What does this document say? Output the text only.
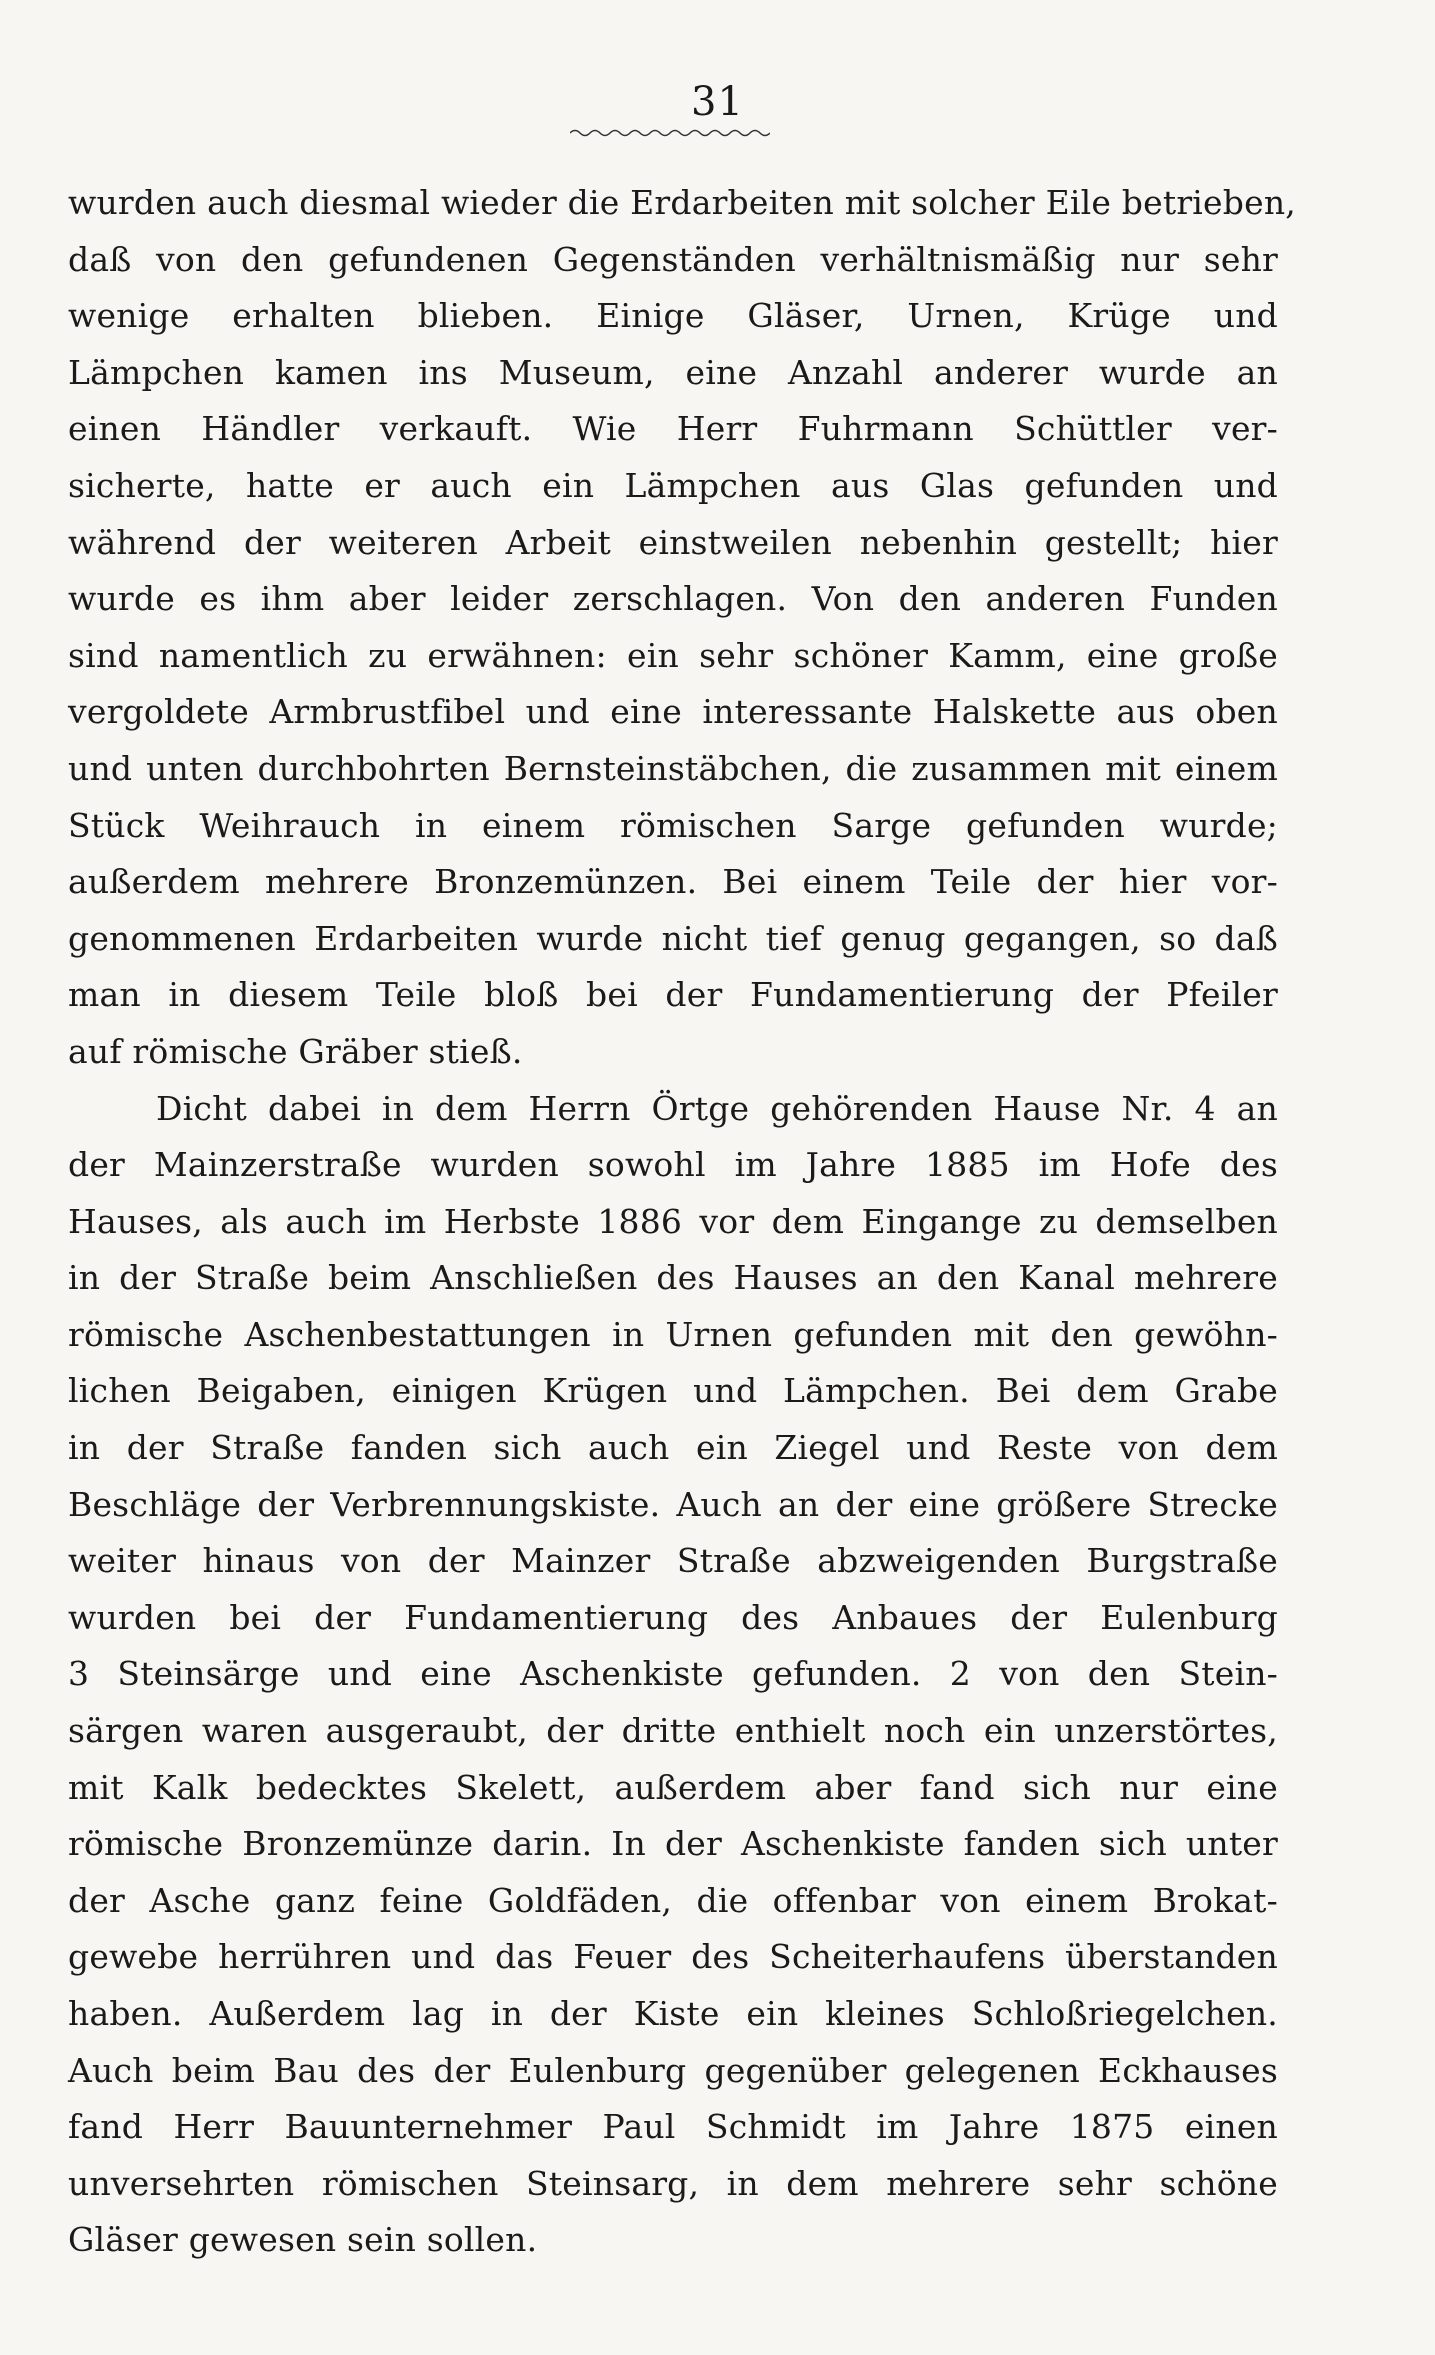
31
wurden auch diesmal wieder die Erdarbeiten mit solcher Eile betrieben,
daß von den gefundenen Gegenständen verhältnismäßig nur sehr
wenige erhalten blieben. Einige Gläser, Urnen, Krüge und
Lämpchen kamen ins Museum, eine Anzahl anderer wurde an
einen Händler verkauft. Wie Herr Fuhrmann Schüttler ver-
sicherte, hatte er auch ein Lämpchen aus Glas gefunden und
während der weiteren Arbeit einstweilen nebenhin gestellt; hier
wurde es ihm aber leider zerschlagen. Von den anderen Funden
sind namentlich zu erwähnen: ein sehr schöner Kamm, eine große
vergoldete Armbrustfibel und eine interessante Halskette aus oben
und unten durchbohrten Bernsteinstäbchen, die zusammen mit einem
Stück Weihrauch in einem römischen Sarge gefunden wurde;
außerdem mehrere Bronzemünzen. Bei einem Teile der hier vor-
genommenen Erdarbeiten wurde nicht tief genug gegangen, so daß
man in diesem Teile bloß bei der Fundamentierung der Pfeiler
auf römische Gräber stieß.
Dicht dabei in dem Herrn Örtge gehörenden Hause Nr. 4 an
der Mainzerstraße wurden sowohl im Jahre 1885 im Hofe des
Hauses, als auch im Herbste 1886 vor dem Eingange zu demselben
in der Straße beim Anschließen des Hauses an den Kanal mehrere
römische Aschenbestattungen in Urnen gefunden mit den gewöhn-
lichen Beigaben, einigen Krügen und Lämpchen. Bei dem Grabe
in der Straße fanden sich auch ein Ziegel und Reste von dem
Beschläge der Verbrennungskiste. Auch an der eine größere Strecke
weiter hinaus von der Mainzer Straße abzweigenden Burgstraße
wurden bei der Fundamentierung des Anbaues der Eulenburg
3 Steinsärge und eine Aschenkiste gefunden. 2 von den Stein-
särgen waren ausgeraubt, der dritte enthielt noch ein unzerstörtes,
mit Kalk bedecktes Skelett, außerdem aber fand sich nur eine
römische Bronzemünze darin. In der Aschenkiste fanden sich unter
der Asche ganz feine Goldfäden, die offenbar von einem Brokat-
gewebe herrühren und das Feuer des Scheiterhaufens überstanden
haben. Außerdem lag in der Kiste ein kleines Schloßriegelchen.
Auch beim Bau des der Eulenburg gegenüber gelegenen Eckhauses
fand Herr Bauunternehmer Paul Schmidt im Jahre 1875 einen
unversehrten römischen Steinsarg, in dem mehrere sehr schöne
Gläser gewesen sein sollen.
